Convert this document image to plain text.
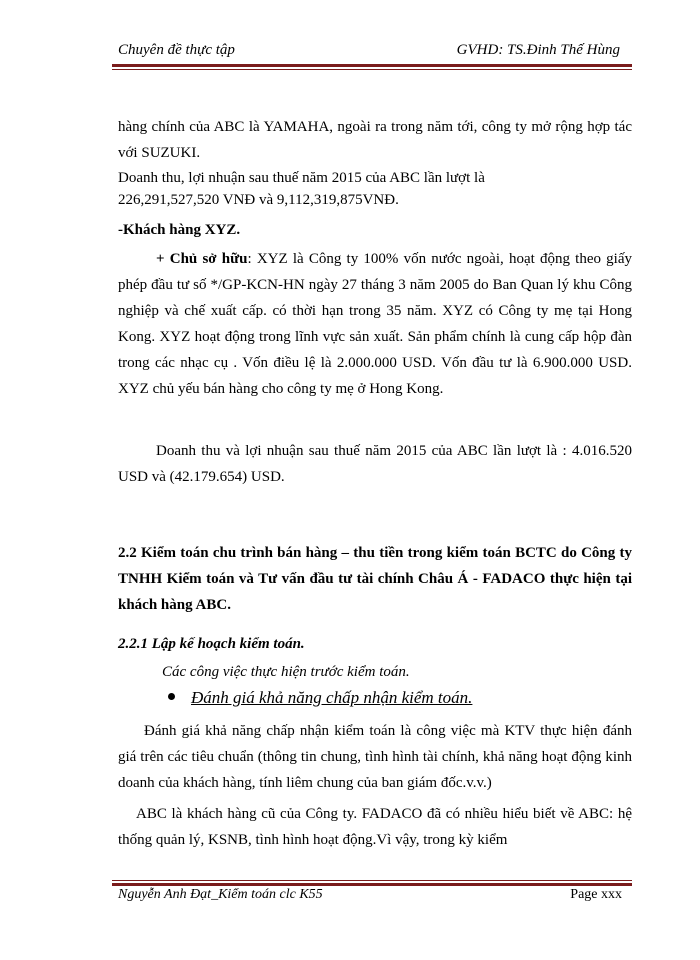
Chuyên đề thực tập	GVHD: TS.Đinh Thế Hùng

hàng chính của ABC là YAMAHA, ngoài ra trong năm tới, công ty mở rộng hợp tác với SUZUKI.

Doanh thu, lợi nhuận sau thuế năm 2015 của ABC lần lượt là
226,291,527,520 VNĐ và 9,112,319,875VNĐ.

-Khách hàng XYZ.

+ Chủ sở hữu: XYZ là Công ty 100% vốn nước ngoài, hoạt động theo giấy phép đầu tư số */GP-KCN-HN ngày 27 tháng 3 năm 2005 do Ban Quan lý khu Công nghiệp và chế xuất cấp. có thời hạn trong 35 năm. XYZ có Công ty mẹ tại Hong Kong. XYZ hoạt động trong lĩnh vực sản xuất. Sản phẩm chính là cung cấp hộp đàn trong các nhạc cụ . Vốn điều lệ là 2.000.000 USD. Vốn đầu tư là 6.900.000 USD. XYZ chủ yếu bán hàng cho công ty mẹ ở Hong Kong.

Doanh thu và lợi nhuận sau thuế năm 2015 của ABC lần lượt là : 4.016.520 USD và (42.179.654) USD.

2.2 Kiểm toán chu trình bán hàng – thu tiền trong kiểm toán BCTC do Công ty TNHH Kiểm toán và Tư vấn đầu tư tài chính Châu Á - FADACO thực hiện tại khách hàng ABC.

2.2.1 Lập kế hoạch kiểm toán.

Các công việc thực hiện trước kiểm toán.

Đánh giá khả năng chấp nhận kiểm toán.

Đánh giá khả năng chấp nhận kiểm toán là công việc mà KTV thực hiện đánh giá trên các tiêu chuẩn (thông tin chung, tình hình tài chính, khả năng hoạt động kinh doanh của khách hàng, tính liêm chung của ban giám đốc.v.v.)

ABC là khách hàng cũ của Công ty. FADACO đã có nhiều hiểu biết về ABC: hệ thống quản lý, KSNB, tình hình hoạt động.Vì vậy, trong kỳ kiểm

Nguyễn Anh Đạt_Kiểm toán clc K55	Page xxx
